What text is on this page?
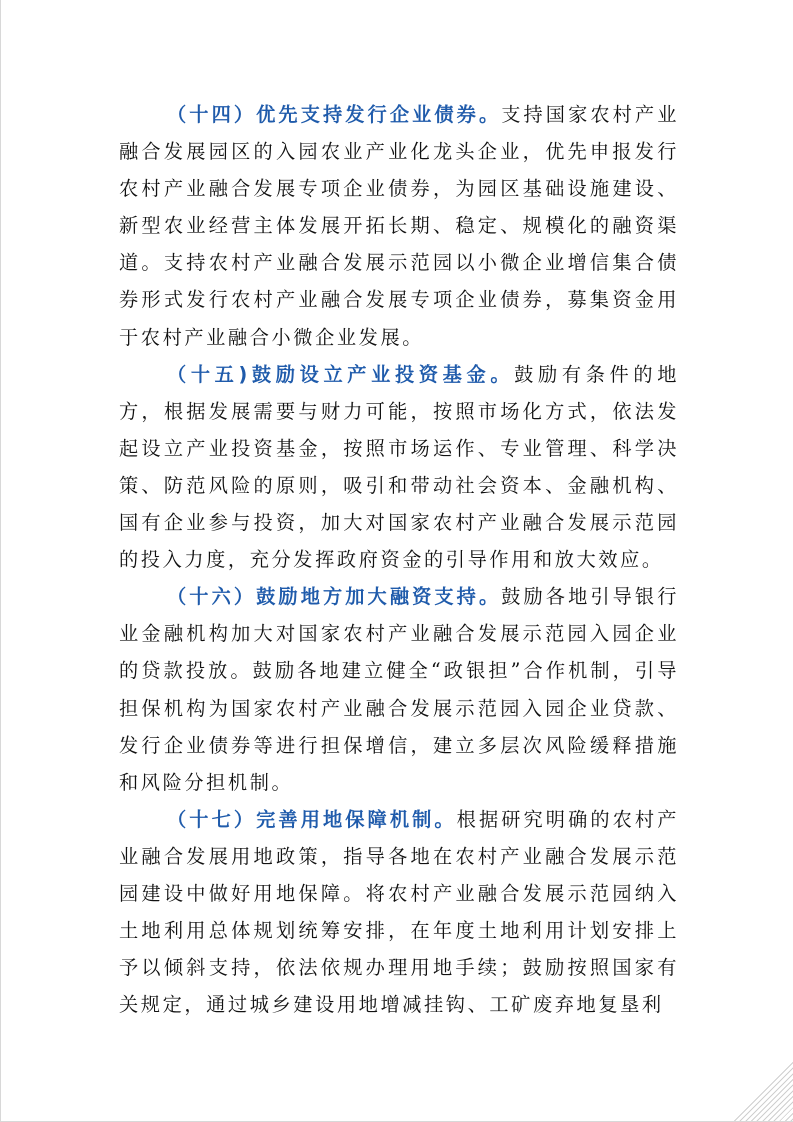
（十四）优先支持发行企业债券。支持国家农村产业融合发展园区的入园农业产业化龙头企业，优先申报发行农村产业融合发展专项企业债券，为园区基础设施建设、新型农业经营主体发展开拓长期、稳定、规模化的融资渠道。支持农村产业融合发展示范园以小微企业增信集合债券形式发行农村产业融合发展专项企业债券，募集资金用于农村产业融合小微企业发展。

（十五)鼓励设立产业投资基金。鼓励有条件的地方，根据发展需要与财力可能，按照市场化方式，依法发起设立产业投资基金，按照市场运作、专业管理、科学决策、防范风险的原则，吸引和带动社会资本、金融机构、国有企业参与投资，加大对国家农村产业融合发展示范园的投入力度，充分发挥政府资金的引导作用和放大效应。

（十六）鼓励地方加大融资支持。鼓励各地引导银行业金融机构加大对国家农村产业融合发展示范园入园企业的贷款投放。鼓励各地建立健全“政银担”合作机制，引导担保机构为国家农村产业融合发展示范园入园企业贷款、发行企业债券等进行担保增信，建立多层次风险缓释措施和风险分担机制。

（十七）完善用地保障机制。根据研究明确的农村产业融合发展用地政策，指导各地在农村产业融合发展示范园建设中做好用地保障。将农村产业融合发展示范园纳入土地利用总体规划统筹安排，在年度土地利用计划安排上予以倾斜支持，依法依规办理用地手续；鼓励按照国家有关规定，通过城乡建设用地增减挂钩、工矿废弃地复垦利
